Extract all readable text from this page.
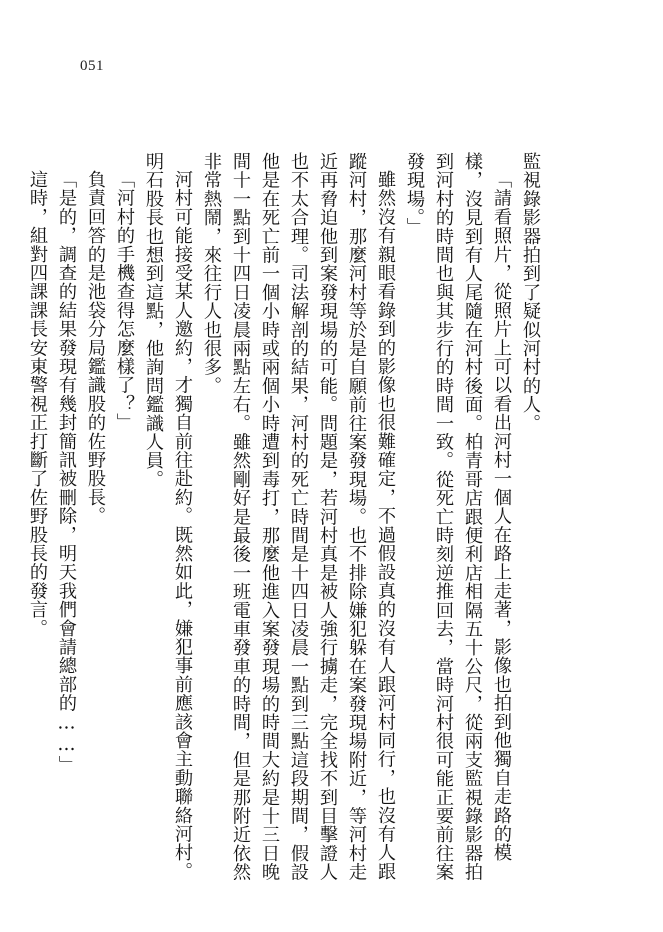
051

監視錄影器拍到了疑似河村的人。

「請看照片，從照片上可以看出河村一個人在路上走著，影像也拍到他獨自走路的模樣，沒見到有人尾隨在河村後面。柏青哥店跟便利店相隔五十公尺，從兩支監視錄影器拍到河村的時間也與其步行的時間一致。從死亡時刻逆推回去，當時河村很可能正要前往案發現場。」

雖然沒有親眼看錄到的影像也很難確定，不過假設真的沒有人跟河村同行，也沒有人跟蹤河村，那麼河村等於是自願前往案發現場。也不排除嫌犯躲在案發現場附近，等河村走近再脅迫他到案發現場的可能。問題是，若河村真是被人強行擄走，完全找不到目擊證人也不太合理。司法解剖的結果，河村的死亡時間是十四日凌晨一點到三點這段期間，假設他是在死亡前一個小時或兩個小時遭到毒打，那麼他進入案發現場的時間大約是十三日晚間十一點到十四日凌晨兩點左右。雖然剛好是最後一班電車發車的時間，但是那附近依然非常熱鬧，來往行人也很多。

河村可能接受某人邀約，才獨自前往赴約。既然如此，嫌犯事前應該會主動聯絡河村。明石股長也想到這點，他詢問鑑識人員。

「河村的手機查得怎麼樣了？」

負責回答的是池袋分局鑑識股的佐野股長。

「是的，調查的結果發現有幾封簡訊被刪除，明天我們會請總部的……」

這時，組對四課課長安東警視正打斷了佐野股長的發言。
